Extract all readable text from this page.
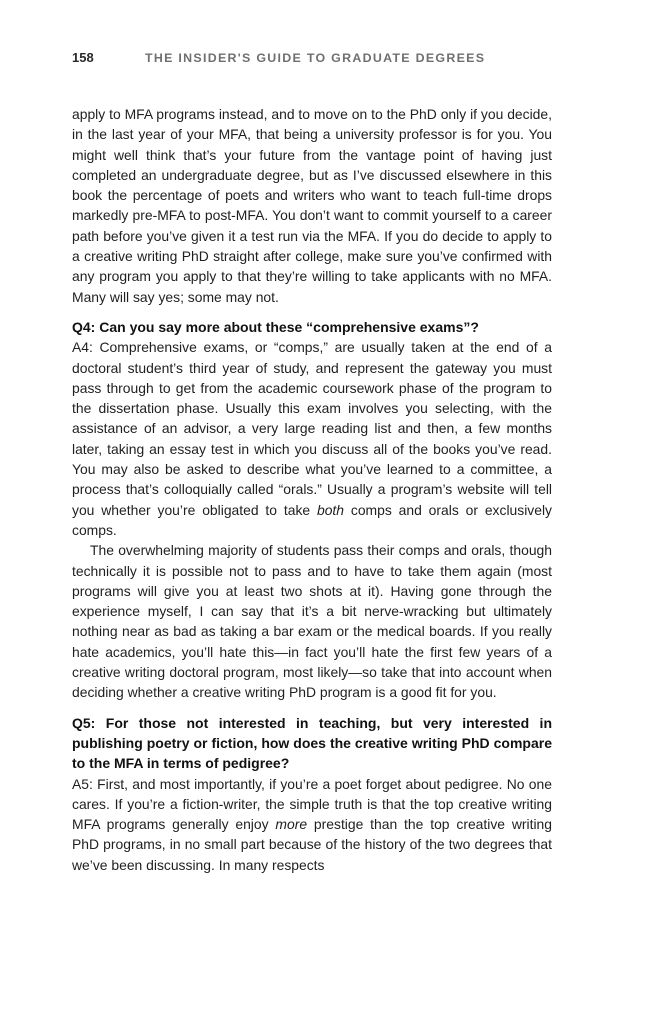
158	THE INSIDER'S GUIDE TO GRADUATE DEGREES

apply to MFA programs instead, and to move on to the PhD only if you decide, in the last year of your MFA, that being a university professor is for you. You might well think that’s your future from the vantage point of having just completed an undergraduate degree, but as I’ve discussed elsewhere in this book the percentage of poets and writers who want to teach full-time drops markedly pre-MFA to post-MFA. You don’t want to commit yourself to a career path before you’ve given it a test run via the MFA. If you do decide to apply to a creative writing PhD straight after college, make sure you’ve confirmed with any program you apply to that they’re willing to take applicants with no MFA. Many will say yes; some may not.

Q4: Can you say more about these “comprehensive exams”?

A4: Comprehensive exams, or “comps,” are usually taken at the end of a doctoral student’s third year of study, and represent the gateway you must pass through to get from the academic coursework phase of the program to the dissertation phase. Usually this exam involves you selecting, with the assistance of an advisor, a very large reading list and then, a few months later, taking an essay test in which you discuss all of the books you’ve read. You may also be asked to describe what you’ve learned to a committee, a process that’s colloquially called “orals.” Usually a program’s website will tell you whether you’re obligated to take both comps and orals or exclusively comps.

The overwhelming majority of students pass their comps and orals, though technically it is possible not to pass and to have to take them again (most programs will give you at least two shots at it). Having gone through the experience myself, I can say that it’s a bit nerve-wracking but ultimately nothing near as bad as taking a bar exam or the medical boards. If you really hate academics, you’ll hate this—in fact you’ll hate the first few years of a creative writing doctoral program, most likely—so take that into account when deciding whether a creative writing PhD program is a good fit for you.

Q5: For those not interested in teaching, but very interested in publishing poetry or fiction, how does the creative writing PhD compare to the MFA in terms of pedigree?

A5: First, and most importantly, if you’re a poet forget about pedigree. No one cares. If you’re a fiction-writer, the simple truth is that the top creative writing MFA programs generally enjoy more prestige than the top creative writing PhD programs, in no small part because of the history of the two degrees that we’ve been discussing. In many respects
